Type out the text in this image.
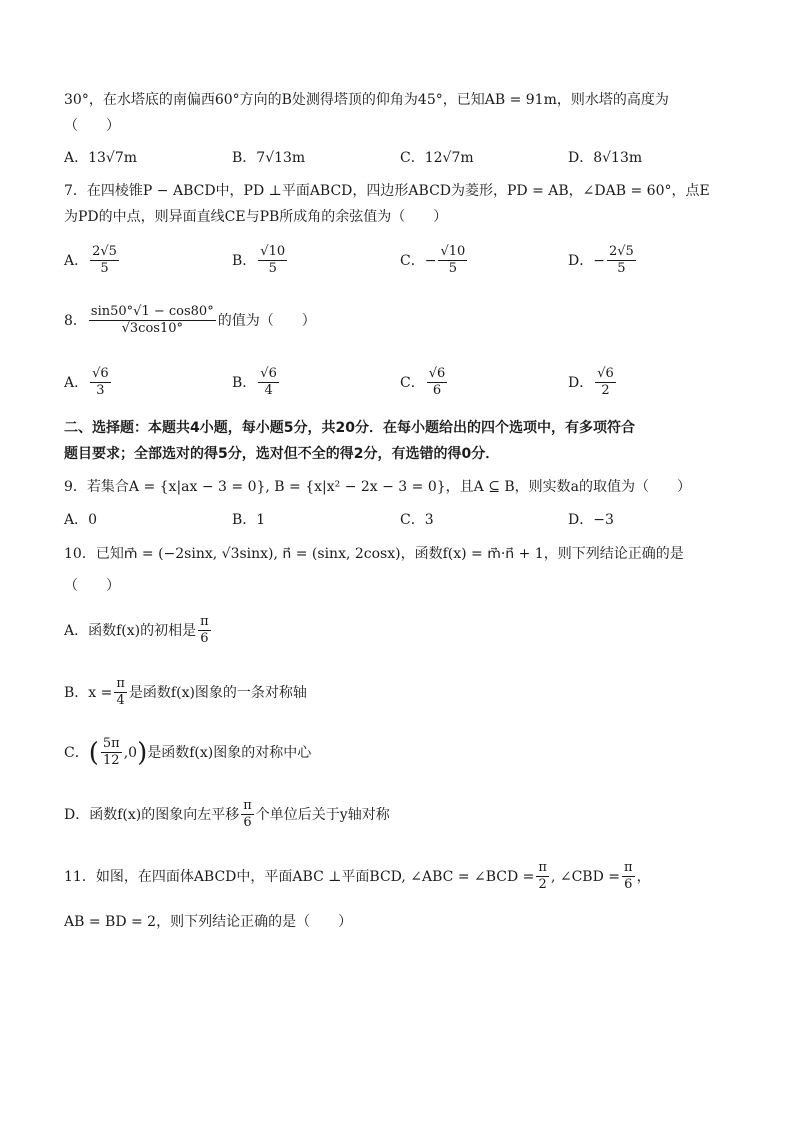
30°，在水塔底的南偏西60°方向的B处测得塔顶的仰角为45°，已知AB = 91m，则水塔的高度为
（　　）
A．13√7m	B．7√13m	C．12√7m	D．8√13m
7．在四棱锥P − ABCD中，PD ⊥平面ABCD，四边形ABCD为菱形，PD = AB，∠DAB = 60°，点E
为PD的中点，则异面直线CE与PB所成角的余弦值为（　　）
A． $\frac{2√5}{5}$	B． $\frac{√10}{5}$	C．− $\frac{√10}{5}$	D．− $\frac{2√5}{5}$
8． $\frac{\sin 50^\circ√1 - \cos 80^\circ}{√3\cos 10^\circ}$ 的值为（　　）
A． $\frac{√6}{3}$	B． $\frac{√6}{4}$	C． $\frac{√6}{6}$	D． $\frac{√6}{2}$
二、选择题：本题共4小题，每小题5分，共20分．在每小题给出的四个选项中，有多项符合
题目要求；全部选对的得5分，选对但不全的得2分，有选错的得0分．
9．若集合A = {x|ax − 3 = 0}, B = {x|x² − 2x − 3 = 0}，且A ⊆ B，则实数a的取值为（　　）
A．0	B．1	C．3	D．−3
10．已知m⃗ = (−2sinx, √3sinx), n⃗ = (sinx, 2cosx)，函数f(x) = m⃗·n⃗ + 1，则下列结论正确的是
（　　）
A．函数f(x)的初相是 $\frac{\pi}{6}$
B．$x = \frac{\pi}{4}$ 是函数f(x)图象的一条对称轴
C． ( $\frac{5\pi}{12} ,0$ ) 是函数f(x)图象的对称中心
D．函数f(x)的图象向左平移 $\frac{\pi}{6}$ 个单位后关于y轴对称
11．如图，在四面体ABCD中，平面ABC ⊥平面BCD, ∠ABC = ∠BCD = $\frac{\pi}{2}$ , ∠CBD = $\frac{\pi}{6}$ ，
AB = BD = 2，则下列结论正确的是（　　）
